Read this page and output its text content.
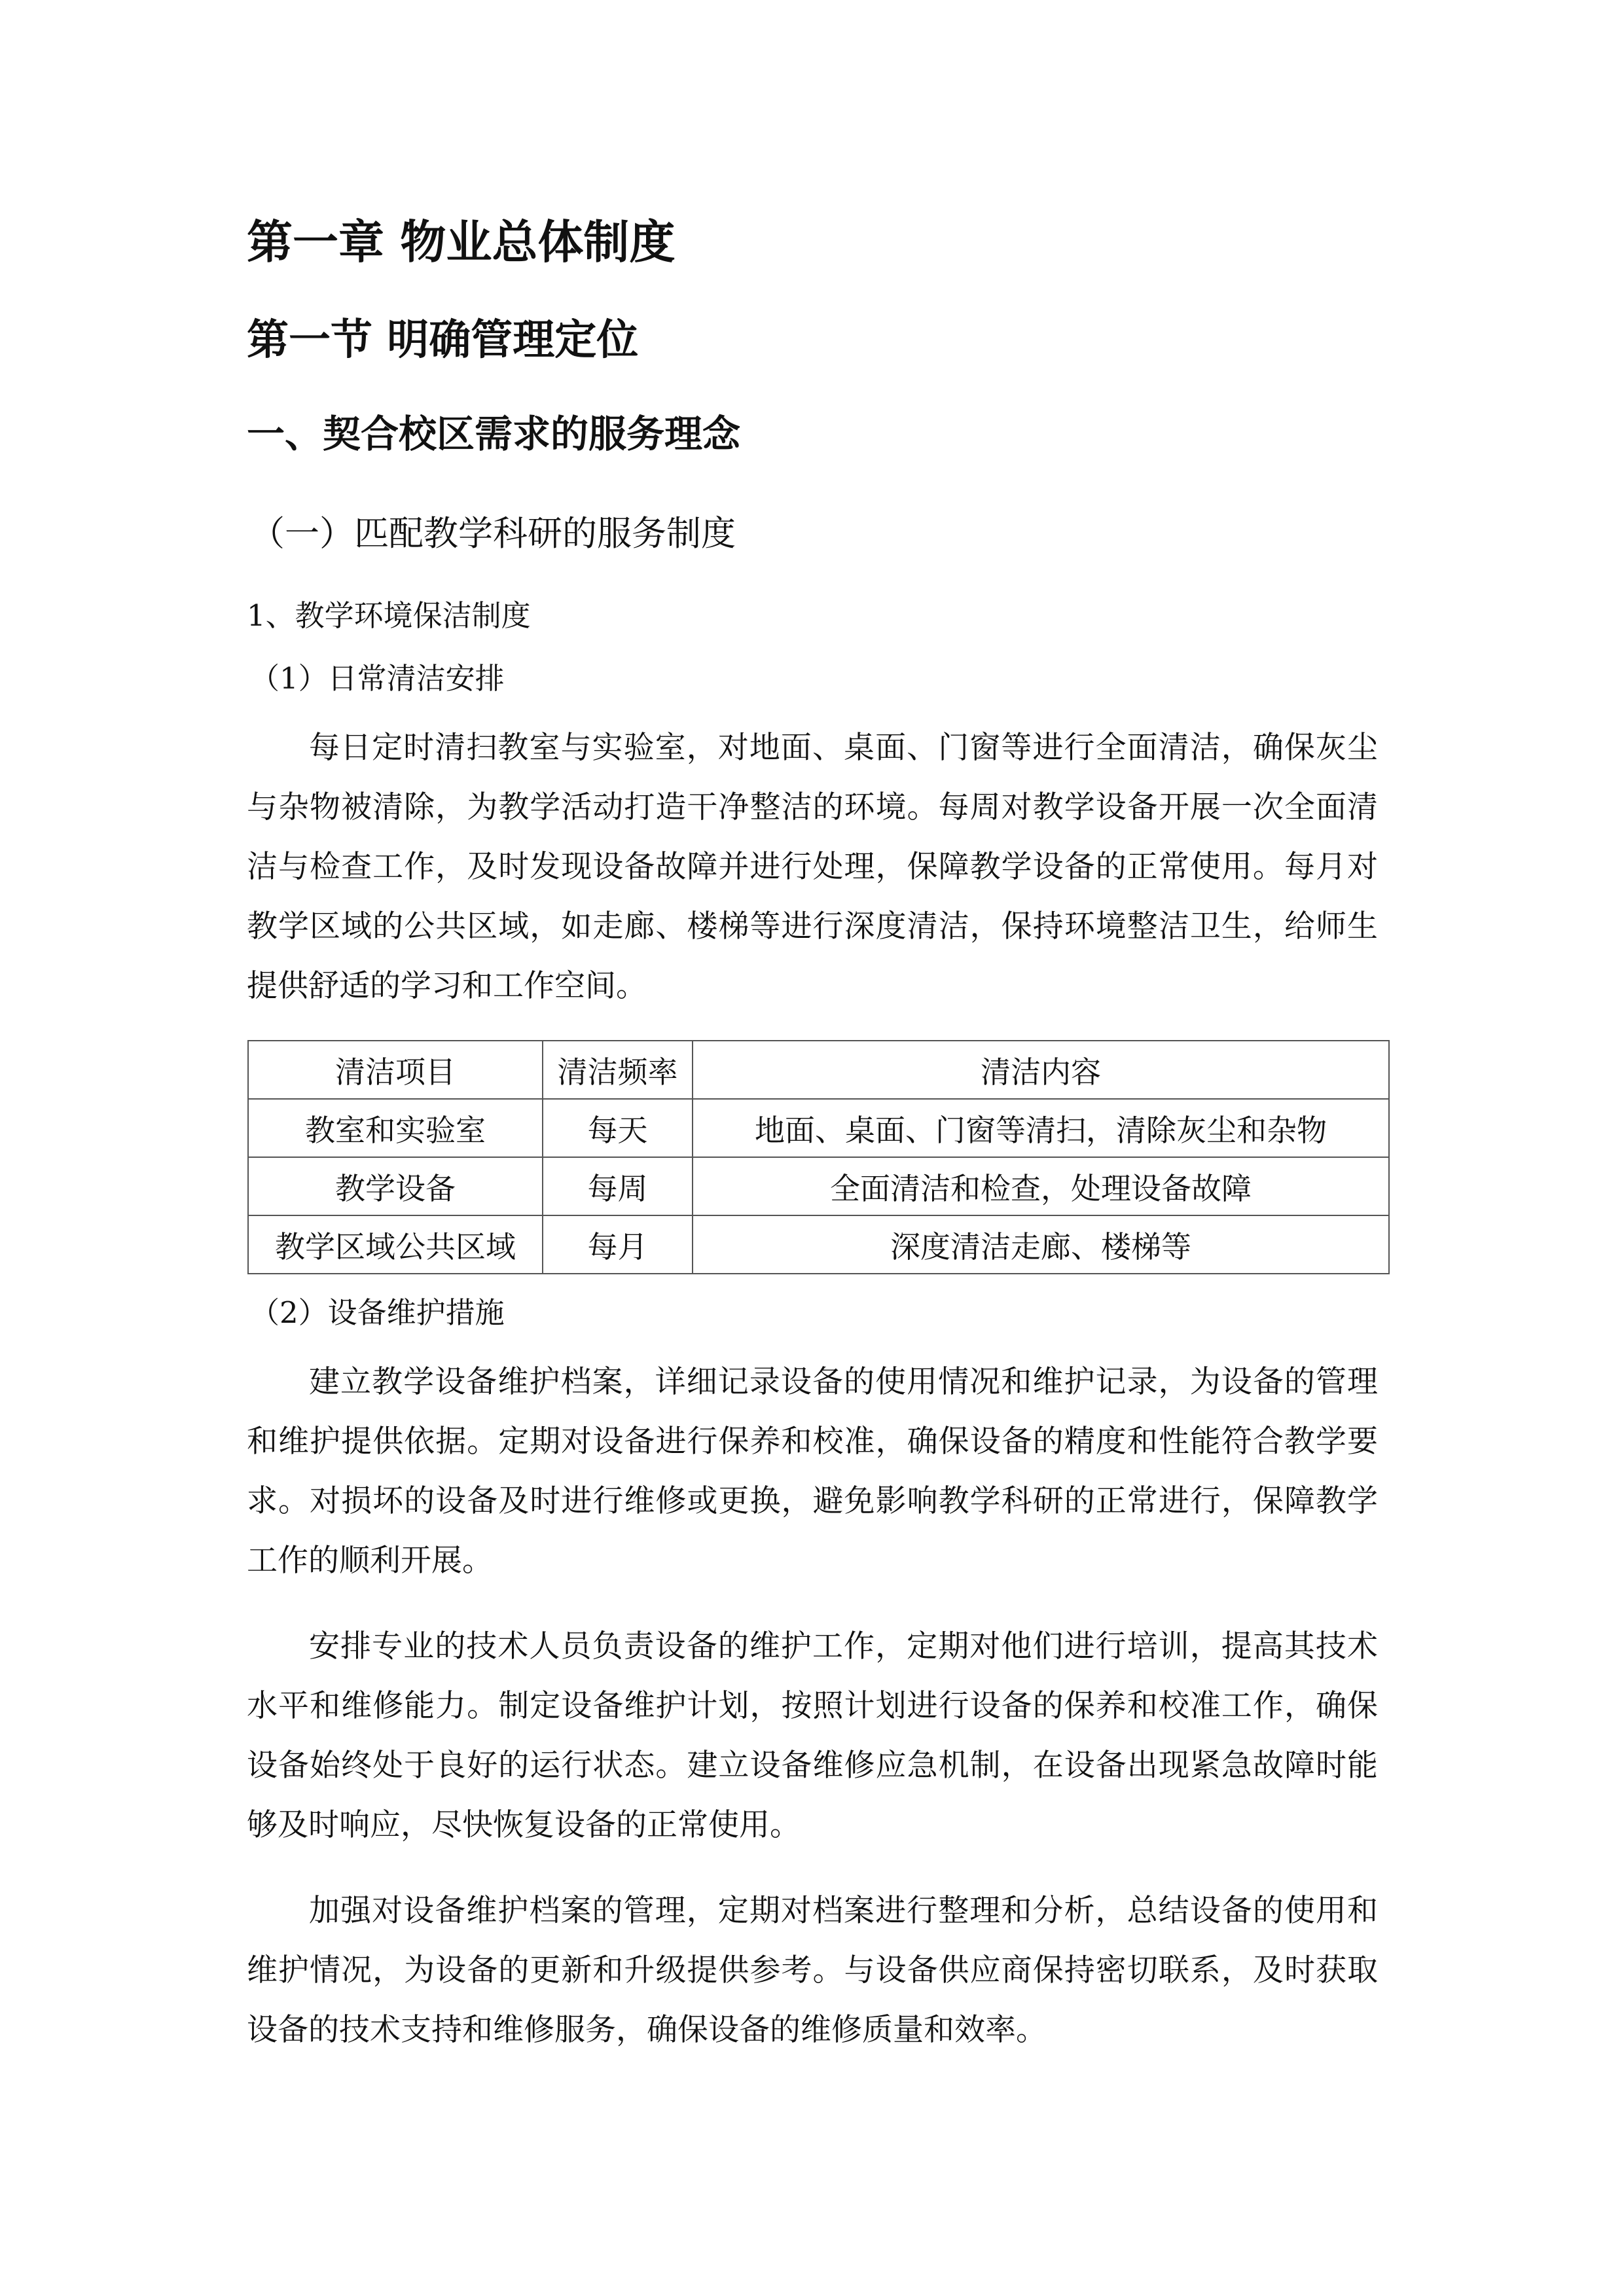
第一章 物业总体制度
第一节 明确管理定位
一、契合校区需求的服务理念
（一）匹配教学科研的服务制度
1、教学环境保洁制度
（1）日常清洁安排

每日定时清扫教室与实验室，对地面、桌面、门窗等进行全面清洁，确保灰尘与杂物被清除，为教学活动打造干净整洁的环境。每周对教学设备开展一次全面清洁与检查工作，及时发现设备故障并进行处理，保障教学设备的正常使用。每月对教学区域的公共区域，如走廊、楼梯等进行深度清洁，保持环境整洁卫生，给师生提供舒适的学习和工作空间。

清洁项目	清洁频率	清洁内容
教室和实验室	每天	地面、桌面、门窗等清扫，清除灰尘和杂物
教学设备	每周	全面清洁和检查，处理设备故障
教学区域公共区域	每月	深度清洁走廊、楼梯等
（2）设备维护措施

建立教学设备维护档案，详细记录设备的使用情况和维护记录，为设备的管理和维护提供依据。定期对设备进行保养和校准，确保设备的精度和性能符合教学要求。对损坏的设备及时进行维修或更换，避免影响教学科研的正常进行，保障教学工作的顺利开展。

安排专业的技术人员负责设备的维护工作，定期对他们进行培训，提高其技术水平和维修能力。制定设备维护计划，按照计划进行设备的保养和校准工作，确保设备始终处于良好的运行状态。建立设备维修应急机制，在设备出现紧急故障时能够及时响应，尽快恢复设备的正常使用。

加强对设备维护档案的管理，定期对档案进行整理和分析，总结设备的使用和维护情况，为设备的更新和升级提供参考。与设备供应商保持密切联系，及时获取设备的技术支持和维修服务，确保设备的维修质量和效率。
